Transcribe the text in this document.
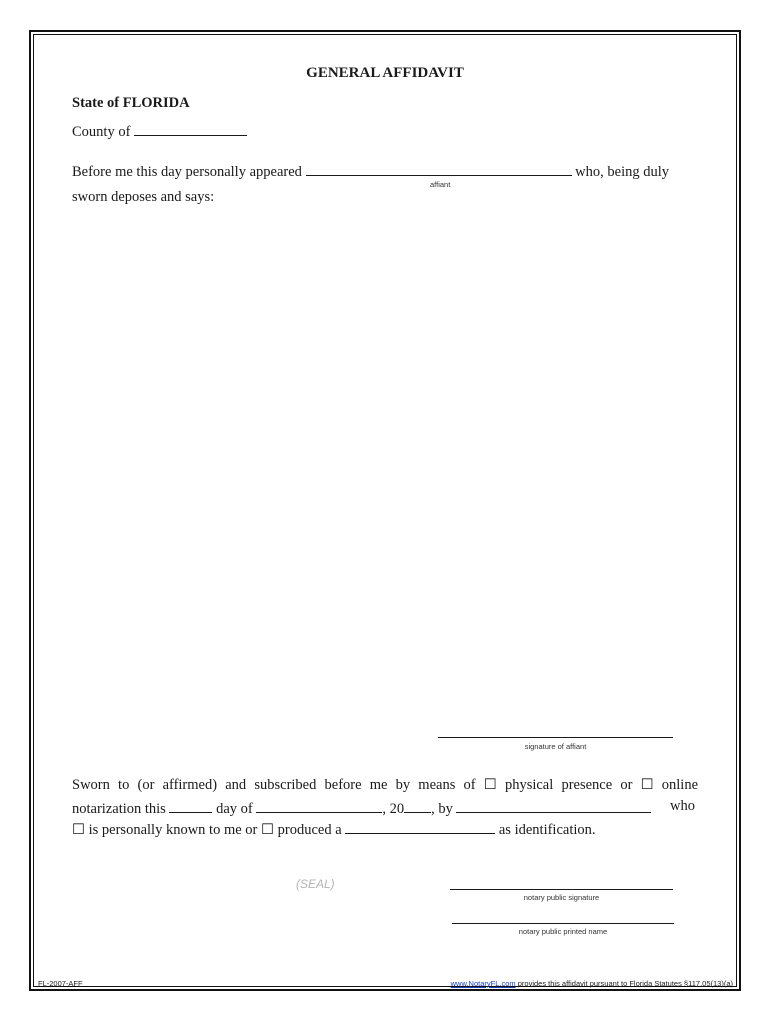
GENERAL AFFIDAVIT
State of FLORIDA
County of
Before me this day personally appeared	who, being duly
affiant
sworn deposes and says:
signature of affiant
Sworn to (or affirmed) and subscribed before me by means of ☐ physical presence or ☐ online
notarization this	day of	, 20 , by	who
☐ is personally known to me or ☐ produced a	as identification.
(SEAL)
notary public signature
notary public printed name
FL-2007-AFF	www.NotaryFL.com provides this affidavit pursuant to Florida Statutes §117.05(13)(a)
